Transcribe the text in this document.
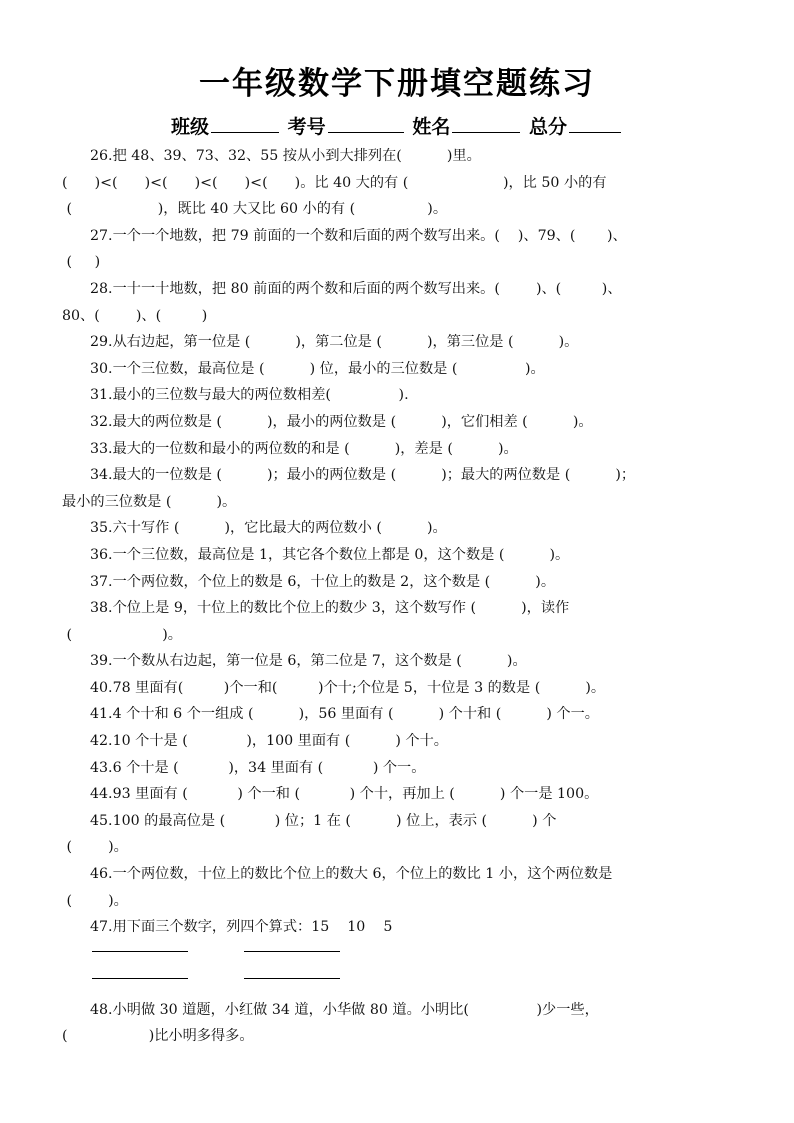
一年级数学下册填空题练习
班级	考号	姓名	总分
26.把 48、39、73、32、55 按从小到大排列在(          )里。
(      )<(      )<(      )<(      )<(      )。比 40 大的有 (                     )，比 50 小的有
(                   )，既比 40 大又比 60 小的有 (                )。
27.一个一个地数，把 79 前面的一个数和后面的两个数写出来。(    )、79、(       )、
(     )
28.一十一十地数，把 80 前面的两个数和后面的两个数写出来。(        )、(         )、
80、(        )、(         )
29.从右边起，第一位是 (          )，第二位是 (          )，第三位是 (          )。
30.一个三位数，最高位是 (          ) 位，最小的三位数是 (               )。
31.最小的三位数与最大的两位数相差(               ).
32.最大的两位数是 (          )，最小的两位数是 (          )，它们相差 (          )。
33.最大的一位数和最小的两位数的和是 (          )，差是 (          )。
34.最大的一位数是 (          )；最小的两位数是 (          )；最大的两位数是 (          )；
最小的三位数是 (          )。
35.六十写作 (          )，它比最大的两位数小 (          )。
36.一个三位数，最高位是 1，其它各个数位上都是 0，这个数是 (          )。
37.一个两位数，个位上的数是 6，十位上的数是 2，这个数是 (          )。
38.个位上是 9，十位上的数比个位上的数少 3，这个数写作 (          )，读作
(                    )。
39.一个数从右边起，第一位是 6，第二位是 7，这个数是 (          )。
40.78 里面有(         )个一和(         )个十;个位是 5，十位是 3 的数是 (          )。
41.4 个十和 6 个一组成 (          )，56 里面有 (          ) 个十和 (          ) 个一。
42.10 个十是 (             )，100 里面有 (          ) 个十。
43.6 个十是 (           )，34 里面有 (           ) 个一。
44.93 里面有 (           ) 个一和 (           ) 个十，再加上 (          ) 个一是 100。
45.100 的最高位是 (           ) 位；1 在 (          ) 位上，表示 (          ) 个
(        )。
46.一个两位数，十位上的数比个位上的数大 6，个位上的数比 1 小，这个两位数是
(        )。
47.用下面三个数字，列四个算式：15    10    5
48.小明做 30 道题，小红做 34 道，小华做 80 道。小明比(               )少一些，
(                  )比小明多得多。
